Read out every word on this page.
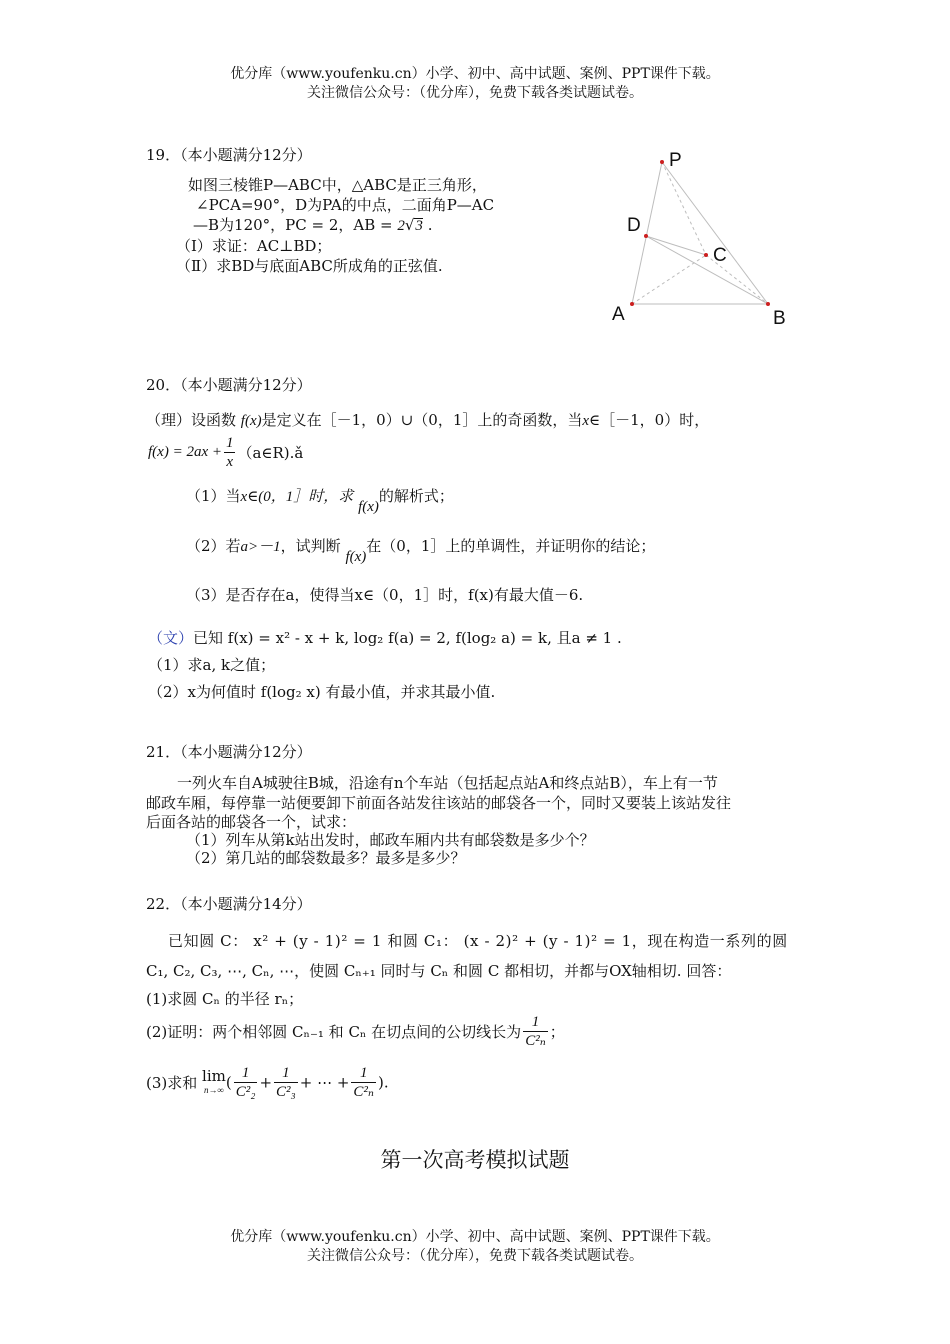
优分库（www.youfenku.cn）小学、初中、高中试题、案例、PPT课件下载。
关注微信公众号：（优分库），免费下载各类试题试卷。
19．（本小题满分12分）
如图三棱锥P—ABC中，△ABC是正三角形，
∠PCA=90°，D为PA的中点，二面角P—AC
—B为120°，PC = 2，AB = 2√3 .
（Ⅰ）求证：AC⊥BD；
（Ⅱ）求BD与底面ABC所成角的正弦值.
P
D
C
A	B
20．（本小题满分12分）
（理）设函数 f(x)是定义在［－1，0）∪（0，1］上的奇函数，当x∈［－1，0）时，
$f(x) = 2ax + \frac{1}{x}$ （a∈R).ǎ
（1）当x∈(0，1］时，求 f(x)的解析式；
（2）若a>－1，试判断 f(x)在（0，1］上的单调性，并证明你的结论；
（3）是否存在a，使得当x∈（0，1］时，f(x)有最大值－6.
（文）已知 f(x) = x² - x + k, log₂ f(a) = 2, f(log₂ a) = k, 且a ≠ 1 .
（1）求a, k之值；
（2）x为何值时 f(log₂ x) 有最小值，并求其最小值.
21．（本小题满分12分）
一列火车自A城驶往B城，沿途有n个车站（包括起点站A和终点站B），车上有一节
邮政车厢，每停靠一站便要卸下前面各站发往该站的邮袋各一个，同时又要装上该站发往
后面各站的邮袋各一个，试求：
（1）列车从第k站出发时，邮政车厢内共有邮袋数是多少个？
（2）第几站的邮袋数最多？最多是多少？
22．（本小题满分14分）
已知圆 C： x² + (y - 1)² = 1 和圆 C₁： (x - 2)² + (y - 1)² = 1，现在构造一系列的圆
C₁, C₂, C₃, ⋯, Cₙ, ⋯，使圆 Cₙ₊₁ 同时与 Cₙ 和圆 C 都相切，并都与OX轴相切. 回答：
(1)求圆 Cₙ 的半径 rₙ；
(2)证明：两个相邻圆 Cₙ₋₁ 和 Cₙ 在切点间的公切线长为 $\frac{1}{\text{C²ₙ}}$ ；
(3)求和 lim
n→∞ ( $\frac{1}{\text{C²₂}} + \frac{1}{\text{C²₃}}$ + ⋯ + $\frac{1}{\text{C²ₙ}}$ ).
第一次高考模拟试题
优分库（www.youfenku.cn）小学、初中、高中试题、案例、PPT课件下载。
关注微信公众号：（优分库），免费下载各类试题试卷。
